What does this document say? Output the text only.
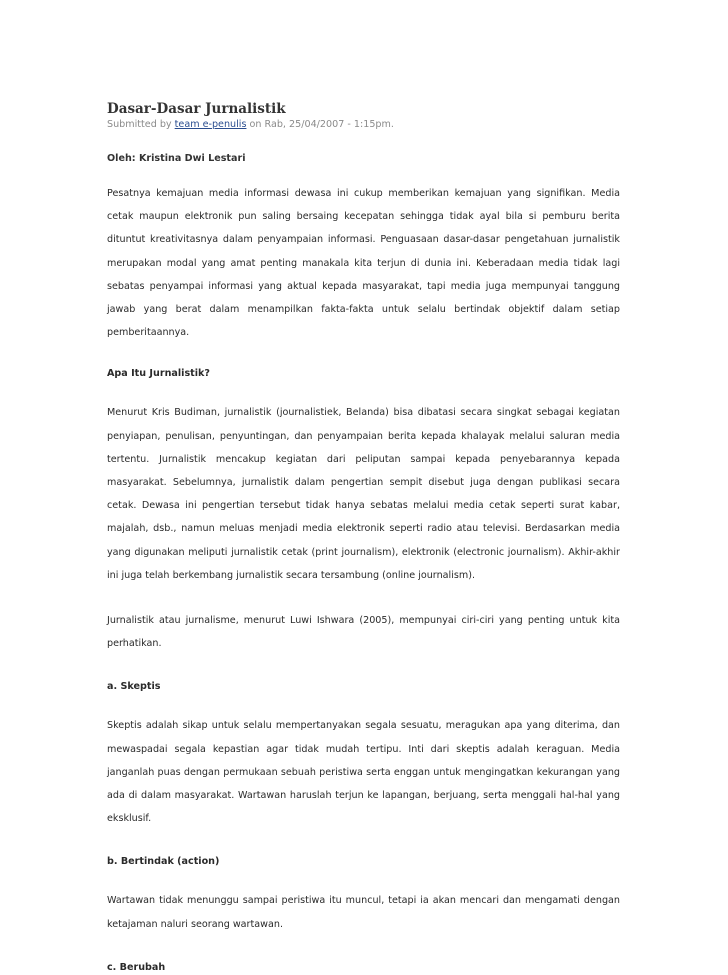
Dasar-Dasar Jurnalistik

Submitted by team e-penulis on Rab, 25/04/2007 - 1:15pm.

Oleh: Kristina Dwi Lestari

Pesatnya kemajuan media informasi dewasa ini cukup memberikan kemajuan yang signifikan. Media cetak maupun elektronik pun saling bersaing kecepatan sehingga tidak ayal bila si pemburu berita dituntut kreativitasnya dalam penyampaian informasi. Penguasaan dasar-dasar pengetahuan jurnalistik merupakan modal yang amat penting manakala kita terjun di dunia ini. Keberadaan media tidak lagi sebatas penyampai informasi yang aktual kepada masyarakat, tapi media juga mempunyai tanggung jawab yang berat dalam menampilkan fakta-fakta untuk selalu bertindak objektif dalam setiap pemberitaannya.

Apa Itu Jurnalistik?

Menurut Kris Budiman, jurnalistik (journalistiek, Belanda) bisa dibatasi secara singkat sebagai kegiatan penyiapan, penulisan, penyuntingan, dan penyampaian berita kepada khalayak melalui saluran media tertentu. Jurnalistik mencakup kegiatan dari peliputan sampai kepada penyebarannya kepada masyarakat. Sebelumnya, jurnalistik dalam pengertian sempit disebut juga dengan publikasi secara cetak. Dewasa ini pengertian tersebut tidak hanya sebatas melalui media cetak seperti surat kabar, majalah, dsb., namun meluas menjadi media elektronik seperti radio atau televisi. Berdasarkan media yang digunakan meliputi jurnalistik cetak (print journalism), elektronik (electronic journalism). Akhir-akhir ini juga telah berkembang jurnalistik secara tersambung (online journalism).

Jurnalistik atau jurnalisme, menurut Luwi Ishwara (2005), mempunyai ciri-ciri yang penting untuk kita perhatikan.

a. Skeptis

Skeptis adalah sikap untuk selalu mempertanyakan segala sesuatu, meragukan apa yang diterima, dan mewaspadai segala kepastian agar tidak mudah tertipu. Inti dari skeptis adalah keraguan. Media janganlah puas dengan permukaan sebuah peristiwa serta enggan untuk mengingatkan kekurangan yang ada di dalam masyarakat. Wartawan haruslah terjun ke lapangan, berjuang, serta menggali hal-hal yang eksklusif.

b. Bertindak (action)

Wartawan tidak menunggu sampai peristiwa itu muncul, tetapi ia akan mencari dan mengamati dengan ketajaman naluri seorang wartawan.

c. Berubah
